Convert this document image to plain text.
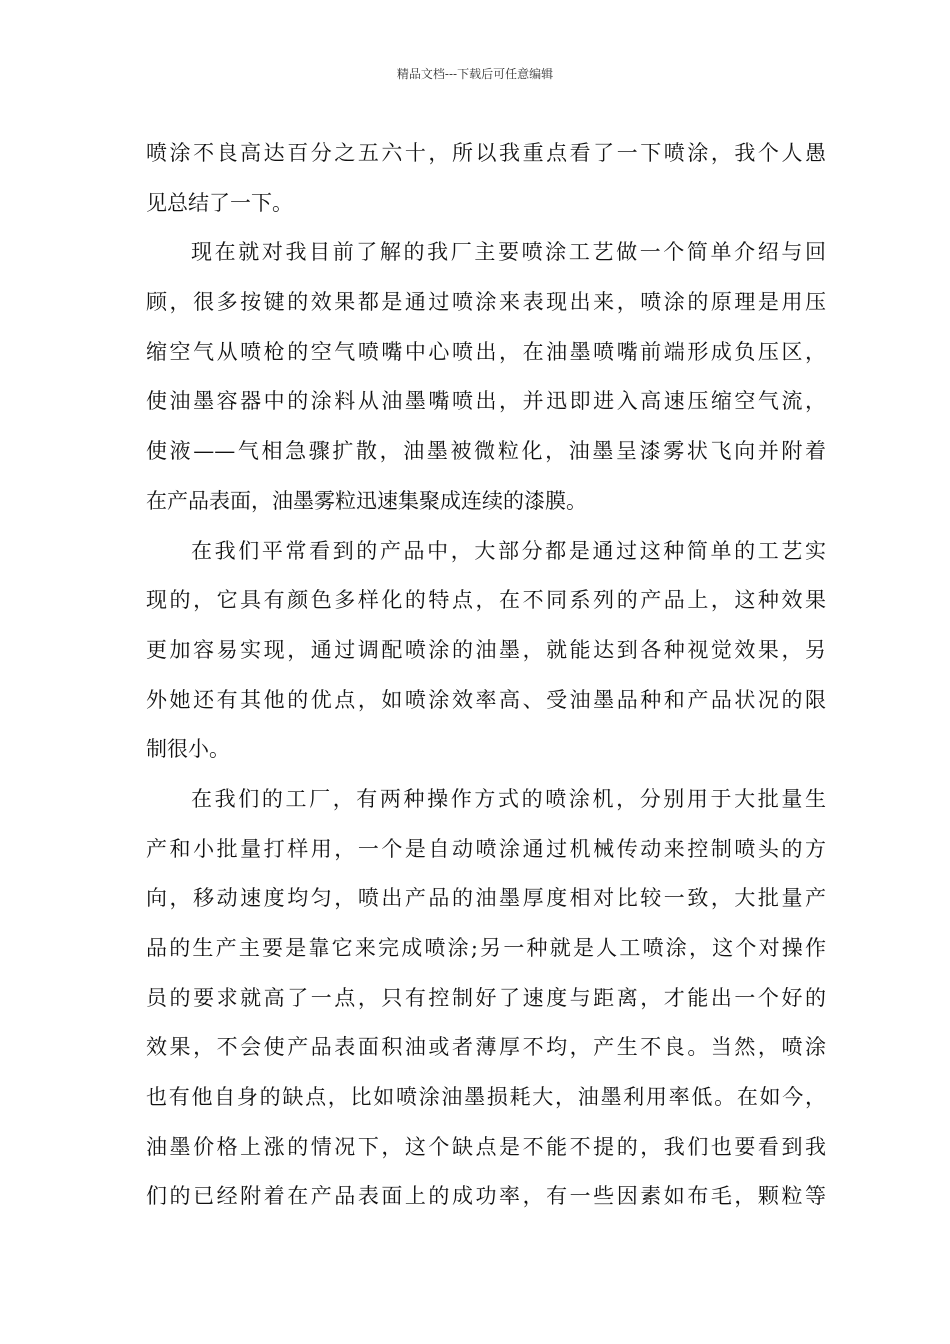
精品文档---下载后可任意编辑
喷涂不良高达百分之五六十，所以我重点看了一下喷涂，我个人愚
见总结了一下。
现在就对我目前了解的我厂主要喷涂工艺做一个简单介绍与回
顾，很多按键的效果都是通过喷涂来表现出来，喷涂的原理是用压
缩空气从喷枪的空气喷嘴中心喷出，在油墨喷嘴前端形成负压区，
使油墨容器中的涂料从油墨嘴喷出，并迅即进入高速压缩空气流，
使液——气相急骤扩散，油墨被微粒化，油墨呈漆雾状飞向并附着
在产品表面，油墨雾粒迅速集聚成连续的漆膜。
在我们平常看到的产品中，大部分都是通过这种简单的工艺实
现的，它具有颜色多样化的特点，在不同系列的产品上，这种效果
更加容易实现，通过调配喷涂的油墨，就能达到各种视觉效果，另
外她还有其他的优点，如喷涂效率高、受油墨品种和产品状况的限
制很小。
在我们的工厂，有两种操作方式的喷涂机，分别用于大批量生
产和小批量打样用，一个是自动喷涂通过机械传动来控制喷头的方
向，移动速度均匀，喷出产品的油墨厚度相对比较一致，大批量产
品的生产主要是靠它来完成喷涂;另一种就是人工喷涂，这个对操作
员的要求就高了一点，只有控制好了速度与距离，才能出一个好的
效果，不会使产品表面积油或者薄厚不均，产生不良。当然，喷涂
也有他自身的缺点，比如喷涂油墨损耗大，油墨利用率低。在如今，
油墨价格上涨的情况下，这个缺点是不能不提的，我们也要看到我
们的已经附着在产品表面上的成功率，有一些因素如布毛，颗粒等
